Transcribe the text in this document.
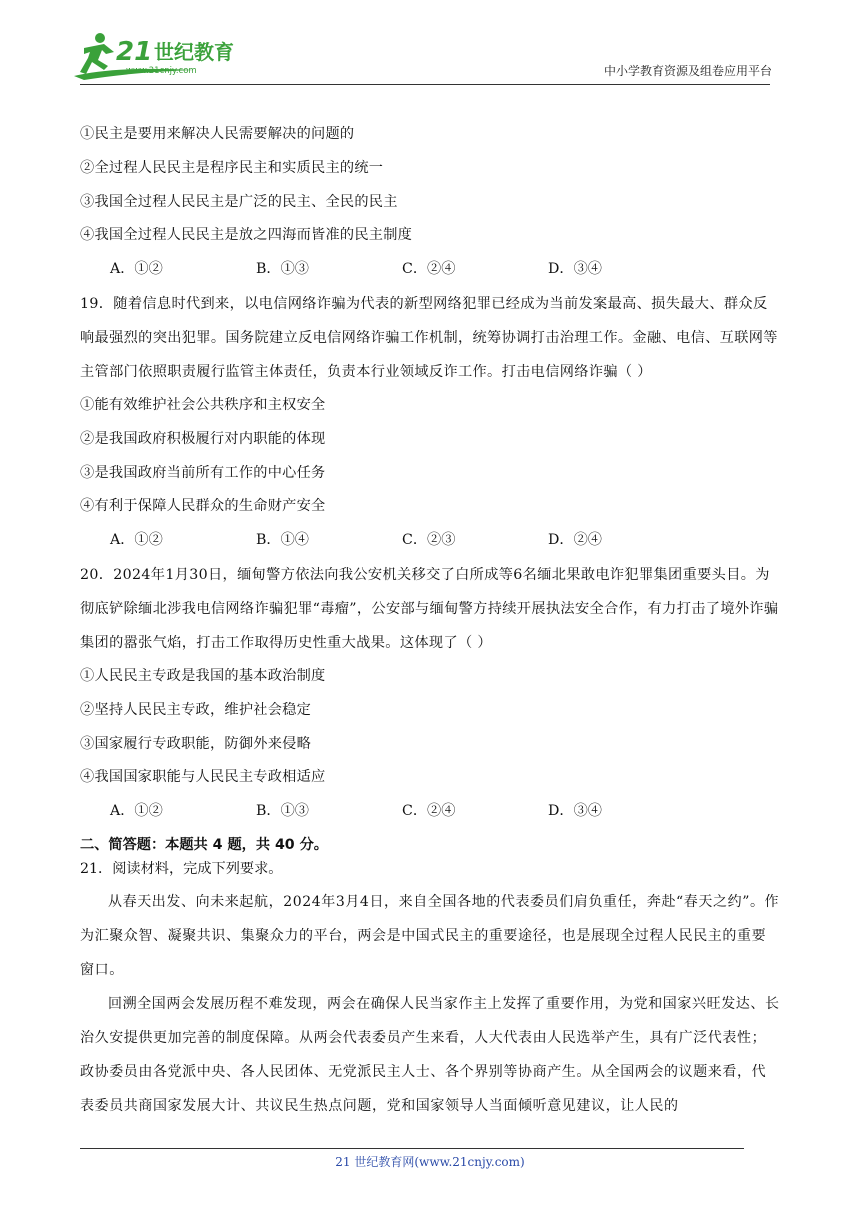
21 世纪教育
www.21cnjy.com	中小学教育资源及组卷应用平台
①民主是要用来解决人民需要解决的问题的
②全过程人民民主是程序民主和实质民主的统一
③我国全过程人民民主是广泛的民主、全民的民主
④我国全过程人民民主是放之四海而皆准的民主制度
A．①②	B．①③	C．②④	D．③④
19．随着信息时代到来，以电信网络诈骗为代表的新型网络犯罪已经成为当前发案最高、损失最大、群众反响最强烈的突出犯罪。国务院建立反电信网络诈骗工作机制，统筹协调打击治理工作。金融、电信、互联网等主管部门依照职责履行监管主体责任，负责本行业领域反诈工作。打击电信网络诈骗（ ）
①能有效维护社会公共秩序和主权安全
②是我国政府积极履行对内职能的体现
③是我国政府当前所有工作的中心任务
④有利于保障人民群众的生命财产安全
A．①②	B．①④	C．②③	D．②④
20．2024年1月30日，缅甸警方依法向我公安机关移交了白所成等6名缅北果敢电诈犯罪集团重要头目。为彻底铲除缅北涉我电信网络诈骗犯罪“毒瘤”，公安部与缅甸警方持续开展执法安全合作，有力打击了境外诈骗集团的嚣张气焰，打击工作取得历史性重大战果。这体现了（ ）
①人民民主专政是我国的基本政治制度
②坚持人民民主专政，维护社会稳定
③国家履行专政职能，防御外来侵略
④我国国家职能与人民民主专政相适应
A．①②	B．①③	C．②④	D．③④
二、简答题：本题共 4 题，共 40 分。
21．阅读材料，完成下列要求。
从春天出发、向未来起航，2024年3月4日，来自全国各地的代表委员们肩负重任，奔赴“春天之约”。作为汇聚众智、凝聚共识、集聚众力的平台，两会是中国式民主的重要途径，也是展现全过程人民民主的重要窗口。
回溯全国两会发展历程不难发现，两会在确保人民当家作主上发挥了重要作用，为党和国家兴旺发达、长治久安提供更加完善的制度保障。从两会代表委员产生来看，人大代表由人民选举产生，具有广泛代表性；政协委员由各党派中央、各人民团体、无党派民主人士、各个界别等协商产生。从全国两会的议题来看，代表委员共商国家发展大计、共议民生热点问题，党和国家领导人当面倾听意见建议，让人民的
21 世纪教育网(www.21cnjy.com)
